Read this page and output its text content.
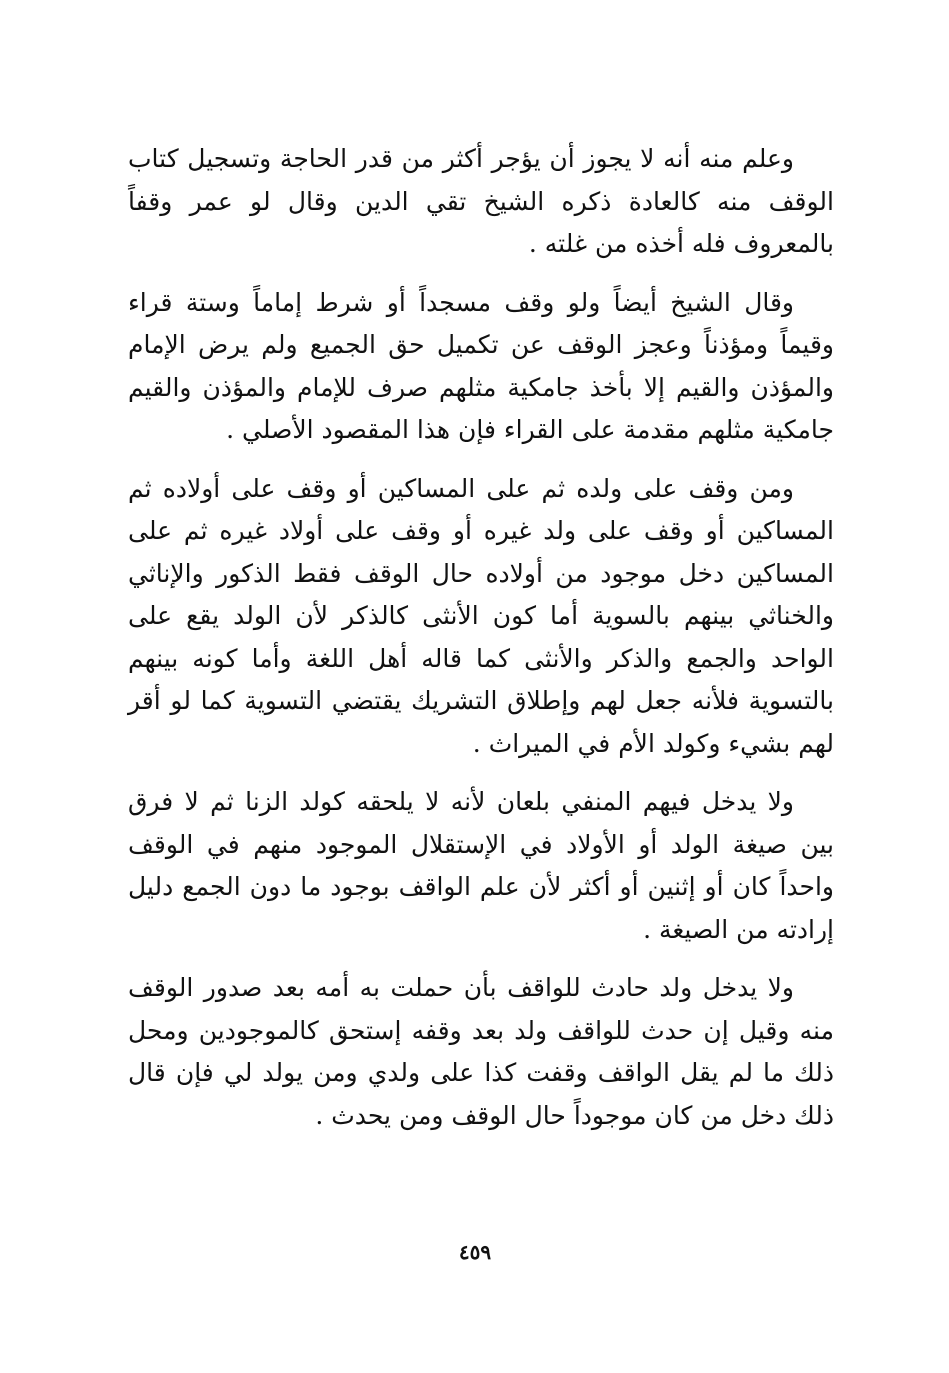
وعلم منه أنه لا يجوز أن يؤجر أكثر من قدر الحاجة وتسجيل كتاب الوقف منه كالعادة ذكره الشيخ تقي الدين وقال لو عمر وقفاً بالمعروف فله أخذه من غلته .

وقال الشيخ أيضاً ولو وقف مسجداً أو شرط إماماً وستة قراء وقيماً ومؤذناً وعجز الوقف عن تكميل حق الجميع ولم يرض الإمام والمؤذن والقيم إلا بأخذ جامكية مثلهم صرف للإمام والمؤذن والقيم جامكية مثلهم مقدمة على القراء فإن هذا المقصود الأصلي .

ومن وقف على ولده ثم على المساكين أو وقف على أولاده ثم المساكين أو وقف على ولد غيره أو وقف على أولاد غيره ثم على المساكين دخل موجود من أولاده حال الوقف فقط الذكور والإناثي والخناثي بينهم بالسوية أما كون الأنثى كالذكر لأن الولد يقع على الواحد والجمع والذكر والأنثى كما قاله أهل اللغة وأما كونه بينهم بالتسوية فلأنه جعل لهم وإطلاق التشريك يقتضي التسوية كما لو أقر لهم بشيء وكولد الأم في الميراث .

ولا يدخل فيهم المنفي بلعان لأنه لا يلحقه كولد الزنا ثم لا فرق بين صيغة الولد أو الأولاد في الإستقلال الموجود منهم في الوقف واحداً كان أو إثنين أو أكثر لأن علم الواقف بوجود ما دون الجمع دليل إرادته من الصيغة .

ولا يدخل ولد حادث للواقف بأن حملت به أمه بعد صدور الوقف منه وقيل إن حدث للواقف ولد بعد وقفه إستحق كالموجودين ومحل ذلك ما لم يقل الواقف وقفت كذا على ولدي ومن يولد لي فإن قال ذلك دخل من كان موجوداً حال الوقف ومن يحدث .

٤٥٩
